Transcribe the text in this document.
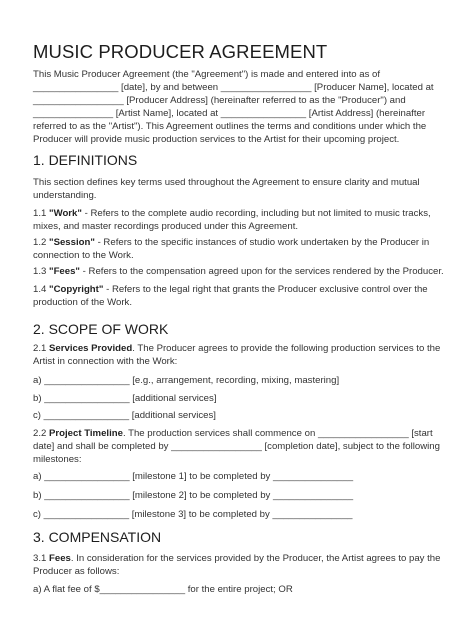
MUSIC PRODUCER AGREEMENT

This Music Producer Agreement (the "Agreement") is made and entered into as of

________________ [date], by and between _________________ [Producer Name], located at

_________________ [Producer Address] (hereinafter referred to as the "Producer") and

_______________ [Artist Name], located at ________________ [Artist Address] (hereinafter

referred to as the "Artist"). This Agreement outlines the terms and conditions under which the

Producer will provide music production services to the Artist for their upcoming project.

1. DEFINITIONS

This section defines key terms used throughout the Agreement to ensure clarity and mutual

understanding.

1.1 "Work" - Refers to the complete audio recording, including but not limited to music tracks,

mixes, and master recordings produced under this Agreement.

1.2 "Session" - Refers to the specific instances of studio work undertaken by the Producer in

connection to the Work.

1.3 "Fees" - Refers to the compensation agreed upon for the services rendered by the Producer.

1.4 "Copyright" - Refers to the legal right that grants the Producer exclusive control over the

production of the Work.

2. SCOPE OF WORK

2.1 Services Provided. The Producer agrees to provide the following production services to the

Artist in connection with the Work:

a) ________________ [e.g., arrangement, recording, mixing, mastering]

b) ________________ [additional services]

c) ________________ [additional services]

2.2 Project Timeline. The production services shall commence on _________________ [start

date] and shall be completed by _________________ [completion date], subject to the following

milestones:

a) ________________ [milestone 1] to be completed by _______________

b) ________________ [milestone 2] to be completed by _______________

c) ________________ [milestone 3] to be completed by _______________

3. COMPENSATION

3.1 Fees. In consideration for the services provided by the Producer, the Artist agrees to pay the

Producer as follows:

a) A flat fee of $________________ for the entire project; OR
